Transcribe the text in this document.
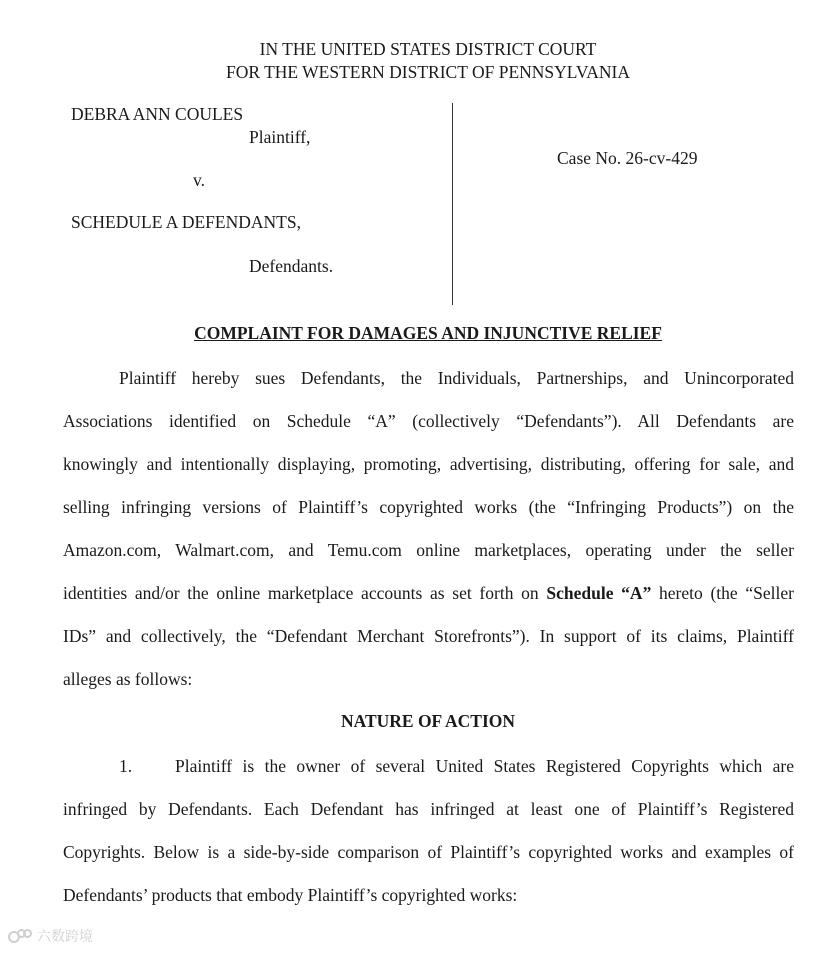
IN THE UNITED STATES DISTRICT COURT
FOR THE WESTERN DISTRICT OF PENNSYLVANIA
DEBRA ANN COULES
Plaintiff,
v.
SCHEDULE A DEFENDANTS,
Defendants.
Case No. 26-cv-429
COMPLAINT FOR DAMAGES AND INJUNCTIVE RELIEF
Plaintiff hereby sues Defendants, the Individuals, Partnerships, and Unincorporated
Associations identified on Schedule “A” (collectively “Defendants”). All Defendants are
knowingly and intentionally displaying, promoting, advertising, distributing, offering for sale, and
selling infringing versions of Plaintiff’s copyrighted works (the “Infringing Products”) on the
Amazon.com, Walmart.com, and Temu.com online marketplaces, operating under the seller
identities and/or the online marketplace accounts as set forth on Schedule “A” hereto (the “Seller
IDs” and collectively, the “Defendant Merchant Storefronts”). In support of its claims, Plaintiff
alleges as follows:
NATURE OF ACTION
1. Plaintiff is the owner of several United States Registered Copyrights which are
infringed by Defendants. Each Defendant has infringed at least one of Plaintiff’s Registered
Copyrights. Below is a side-by-side comparison of Plaintiff’s copyrighted works and examples of
Defendants’ products that embody Plaintiff’s copyrighted works:
六数跨境
